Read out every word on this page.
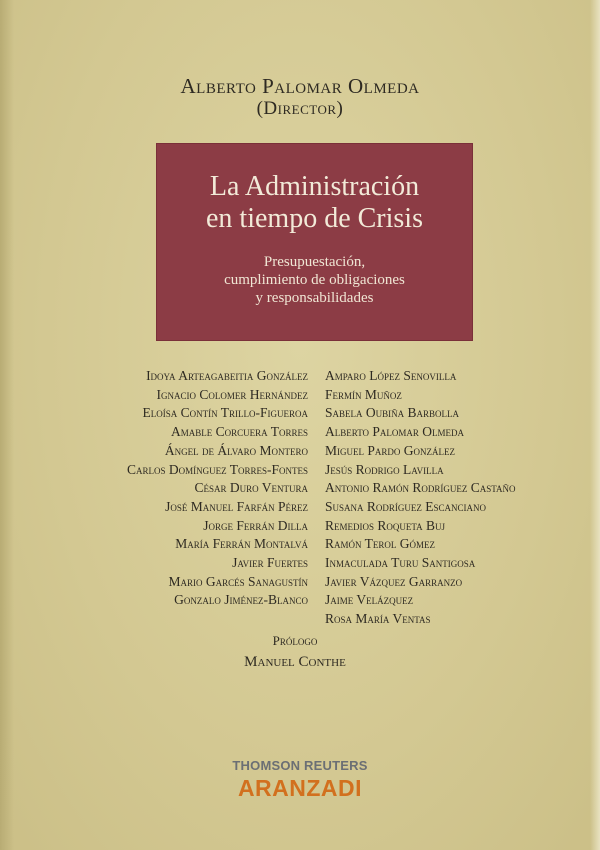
Alberto Palomar Olmeda
(Director)
La Administración
en tiempo de Crisis
Presupuestación,
cumplimiento de obligaciones
y responsabilidades
Idoya Arteagabeitia González
Ignacio Colomer Hernández
Eloísa Contín Trillo-Figueroa
Amable Corcuera Torres
Ángel de Álvaro Montero
Carlos Domínguez Torres-Fontes
César Duro Ventura
José Manuel Farfán Pérez
Jorge Ferrán Dilla
María Ferrán Montalvá
Javier Fuertes
Mario Garcés Sanagustín
Gonzalo Jiménez-Blanco
Amparo López Senovilla
Fermín Muñoz
Sabela Oubiña Barbolla
Alberto Palomar Olmeda
Miguel Pardo González
Jesús Rodrigo Lavilla
Antonio Ramón Rodríguez Castaño
Susana Rodríguez Escanciano
Remedios Roqueta Buj
Ramón Terol Gómez
Inmaculada Turu Santigosa
Javier Vázquez Garranzo
Jaime Velázquez
Rosa María Ventas
Prólogo
Manuel Conthe
THOMSON REUTERS
ARANZADI
